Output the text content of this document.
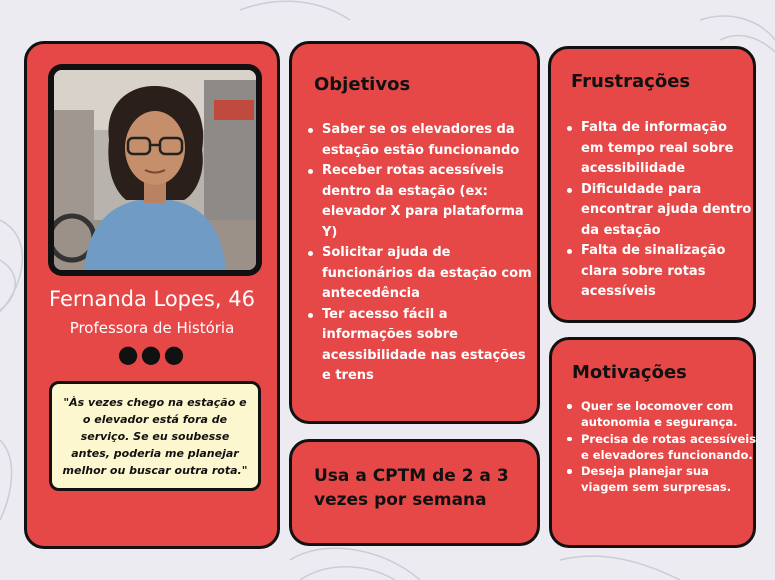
Fernanda Lopes, 46
Professora de História
●●●

"Às vezes chego na estação e o elevador está fora de serviço. Se eu soubesse antes, poderia me planejar melhor ou buscar outra rota."

Objetivos
Saber se os elevadores da estação estão funcionando
Receber rotas acessíveis dentro da estação (ex: elevador X para plataforma Y)
Solicitar ajuda de funcionários da estação com antecedência
Ter acesso fácil a informações sobre acessibilidade nas estações e trens
Frustrações
Falta de informação em tempo real sobre acessibilidade
Dificuldade para encontrar ajuda dentro da estação
Falta de sinalização clara sobre rotas acessíveis

Usa a CPTM de 2 a 3 vezes por semana

Motivações
Quer se locomover com autonomia e segurança.
Precisa de rotas acessíveis e elevadores funcionando.
Deseja planejar sua viagem sem surpresas.
